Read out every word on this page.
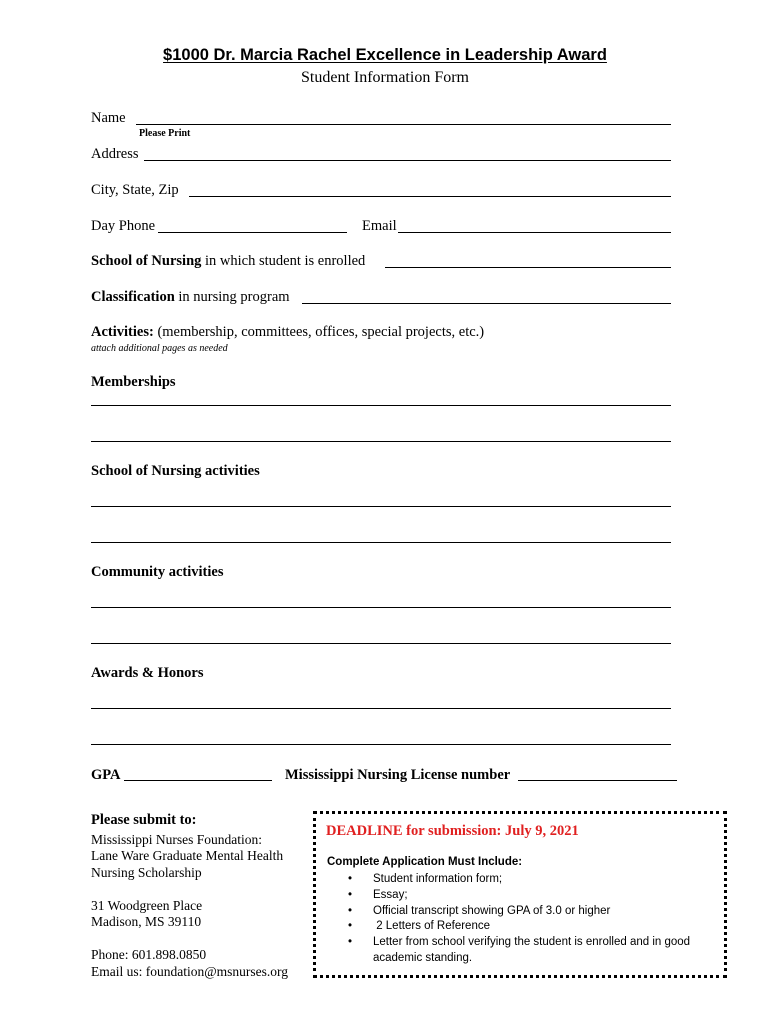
$1000 Dr. Marcia Rachel Excellence in Leadership Award
Student Information Form
Name
Please Print
Address
City, State, Zip
Day Phone	Email
School of Nursing in which student is enrolled
Classification in nursing program
Activities: (membership, committees, offices, special projects, etc.)
attach additional pages as needed
Memberships
School of Nursing activities
Community activities
Awards & Honors
GPA	Mississippi Nursing License number
Please submit to:
Mississippi Nurses Foundation:
Lane Ware Graduate Mental Health
Nursing Scholarship
31 Woodgreen Place
Madison, MS 39110
Phone: 601.898.0850
Email us: foundation@msnurses.org
DEADLINE for submission: July 9, 2021
Complete Application Must Include:
• Student information form;
• Essay;
• Official transcript showing GPA of 3.0 or higher
• 2 Letters of Reference
• Letter from school verifying the student is enrolled and in good academic standing.
